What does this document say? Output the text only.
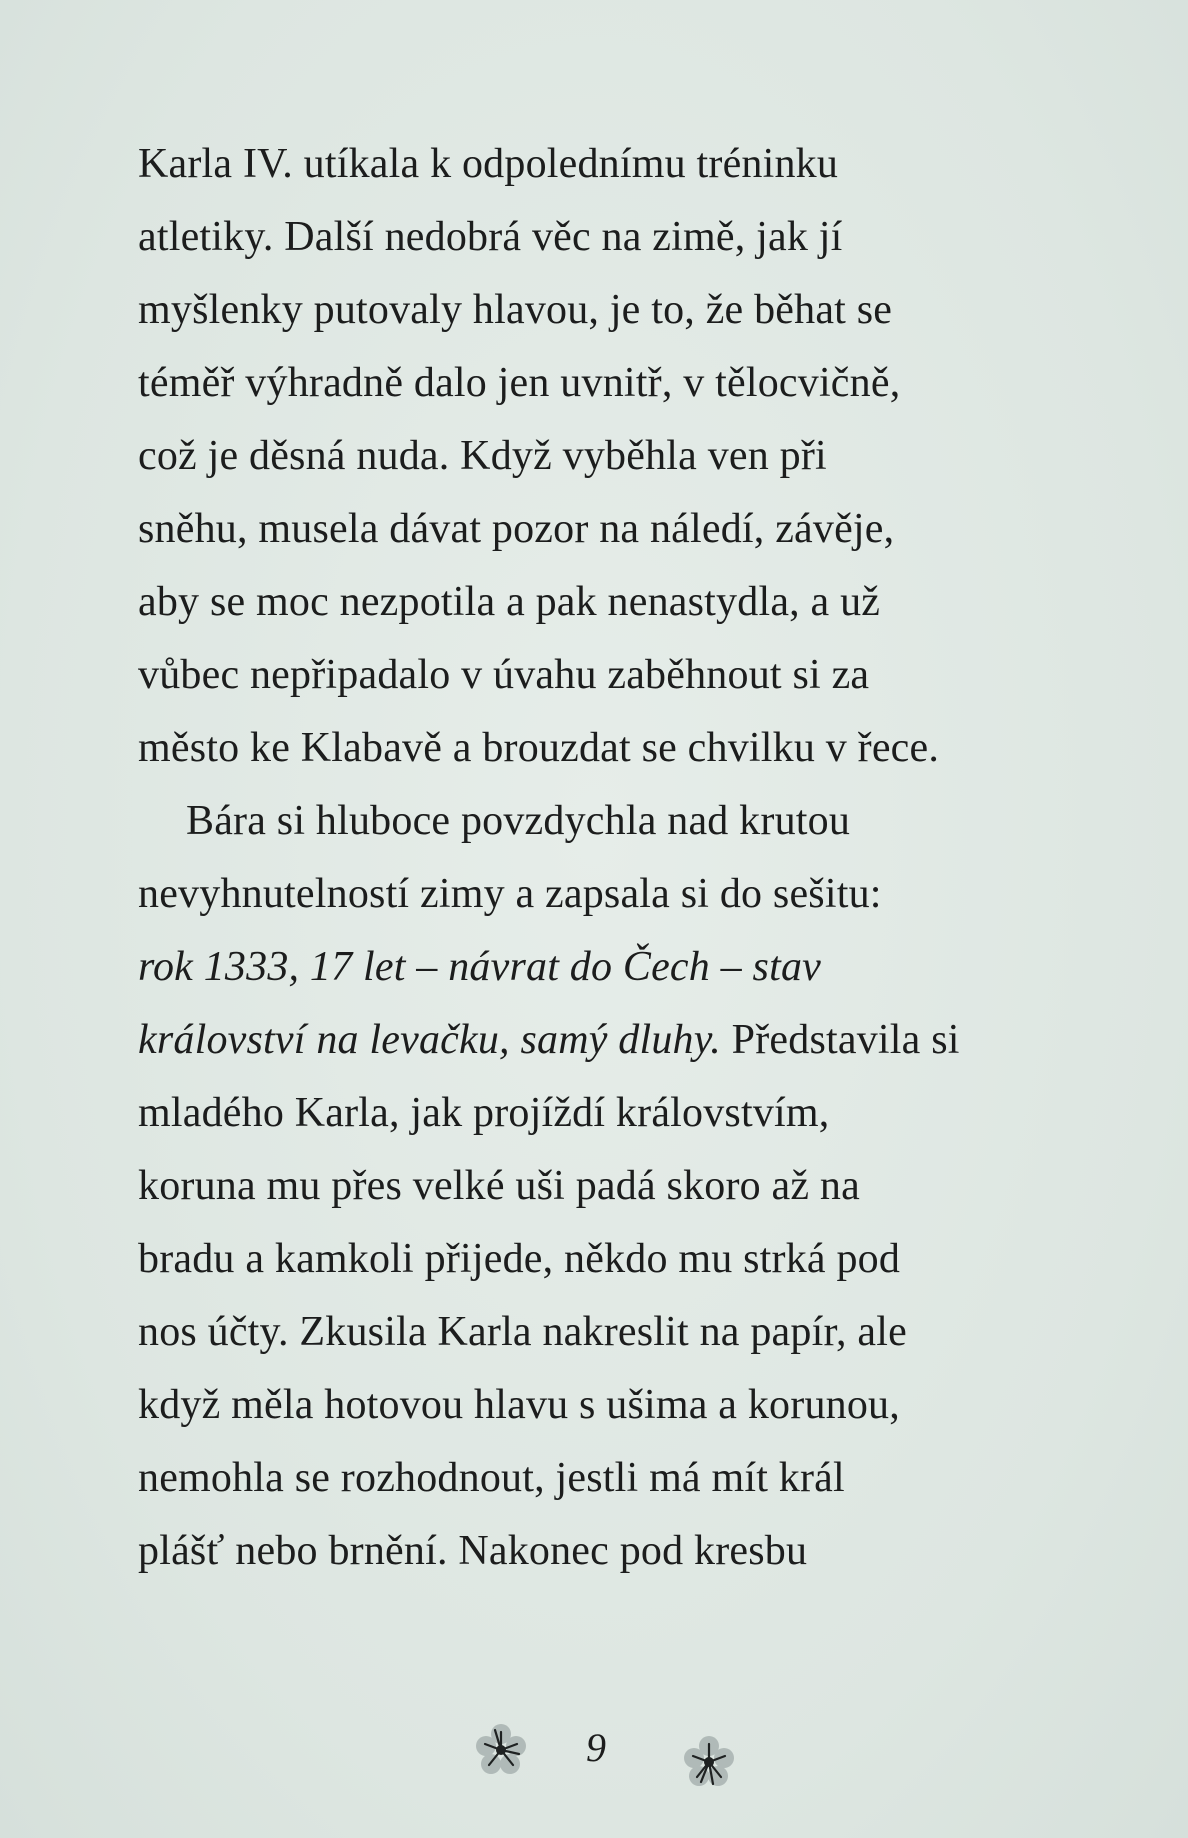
Karla IV. utíkala k odpolednímu tréninku
atletiky. Další nedobrá věc na zimě, jak jí
myšlenky putovaly hlavou, je to, že běhat se
téměř výhradně dalo jen uvnitř, v tělocvičně,
což je děsná nuda. Když vyběhla ven při
sněhu, musela dávat pozor na náledí, závěje,
aby se moc nezpotila a pak nenastydla, a už
vůbec nepřipadalo v úvahu zaběhnout si za
město ke Klabavě a brouzdat se chvilku v řece.
Bára si hluboce povzdychla nad krutou
nevyhnutelností zimy a zapsala si do sešitu:
rok 1333, 17 let – návrat do Čech – stav
království na levačku, samý dluhy. Představila si
mladého Karla, jak projíždí královstvím,
koruna mu přes velké uši padá skoro až na
bradu a kamkoli přijede, někdo mu strká pod
nos účty. Zkusila Karla nakreslit na papír, ale
když měla hotovou hlavu s ušima a korunou,
nemohla se rozhodnout, jestli má mít král
plášť nebo brnění. Nakonec pod kresbu
9
